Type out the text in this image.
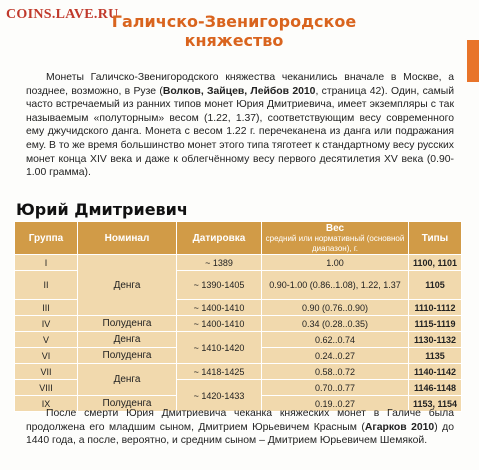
COINS.LAVE.RU
Галичско-Звенигородское княжество

Монеты Галичско-Звенигородского княжества чеканились вначале в Москве, а позднее, возможно, в Рузе (Волков, Зайцев, Лейбов 2010, страница 42). Один, самый часто встречаемый из ранних типов монет Юрия Дмитриевича, имеет экземпляры с так называемым «полуторным» весом (1.22, 1.37), соответствующим весу современного ему джучидского данга. Монета с весом 1.22 г. перечеканена из данга или подражания ему. В то же время большинство монет этого типа тяготеет к стандартному весу русских монет конца XIV века и даже к облегчённому весу первого десятилетия XV века (0.90-1.00 грамма).

Юрий Дмитриевич
Группа	Номинал	Датировка	Вес
средний или нормативный (основной диапазон), г.	Типы
I	Денга	~ 1389	1.00	1100, 1101
II		~ 1390-1405	0.90-1.00 (0.86..1.08), 1.22, 1.37	1105
III		~ 1400-1410	0.90 (0.76..0.90)	1110-1112
IV	Полуденга	~ 1400-1410	0.34 (0.28..0.35)	1115-1119
V	Денга	~ 1410-1420	0.62..0.74	1130-1132
VI	Полуденга		0.24..0.27	1135
VII	Денга	~ 1418-1425	0.58..0.72	1140-1142
VIII		~ 1420-1433	0.70..0.77	1146-1148
IX	Полуденга		0.19..0.27	1153, 1154

После смерти Юрия Дмитриевича чеканка княжеских монет в Галиче была продолжена его младшим сыном, Дмитрием Юрьевичем Красным (Агарков 2010) до 1440 года, а после, вероятно, и средним сыном – Дмитрием Юрьевичем Шемякой.
